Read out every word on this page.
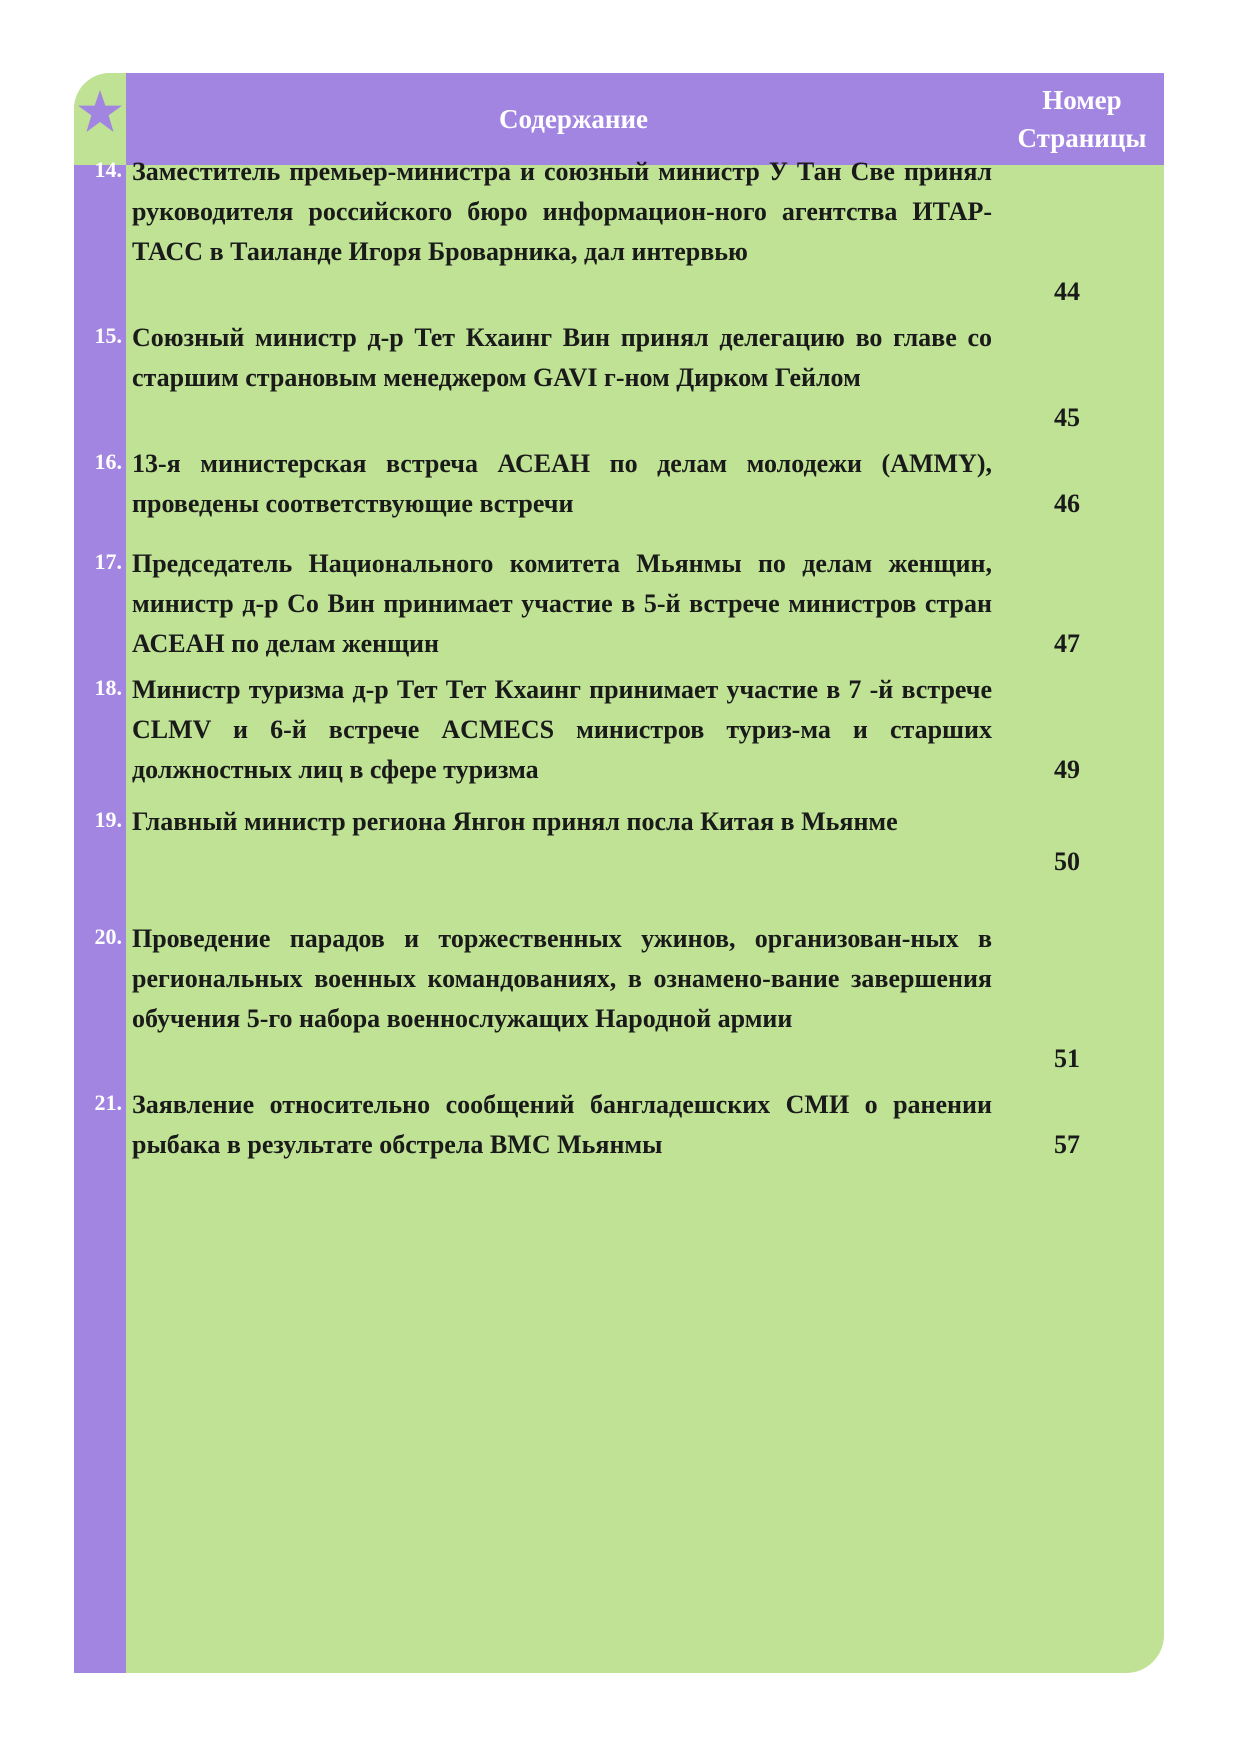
Содержание
Номер
Страницы
14. Заместитель премьер-министра и союзный министр У Тан Све принял руководителя российского бюро информацион-ного агентства ИТАР-ТАСС в Таиланде Игоря Броварника, дал интервью

44
15. Союзный министр д-р Тет Кхаинг Вин принял делегацию во главе со старшим страновым менеджером GAVI г-ном Дирком Гейлом

45
16. 13-я министерская встреча АСЕАН по делам молодежи (AMMY), проведены соответствующие встречи	46
17. Председатель Национального комитета Мьянмы по делам женщин, министр д-р Со Вин принимает участие в 5-й встрече министров стран АСЕАН по делам женщин	47
18. Министр туризма д-р Тет Тет Кхаинг принимает участие в 7 -й встрече CLMV и 6-й встрече ACMECS министров туриз-ма и старших должностных лиц в сфере туризма	49
19. Главный министр региона Янгон принял посла Китая в Мьянме

50
20. Проведение парадов и торжественных ужинов, организован-ных в региональных военных командованиях, в ознамено-вание завершения обучения 5-го набора военнослужащих Народной армии

51
21. Заявление относительно сообщений бангладешских СМИ о ранении рыбака в результате обстрела ВМС Мьянмы	57
